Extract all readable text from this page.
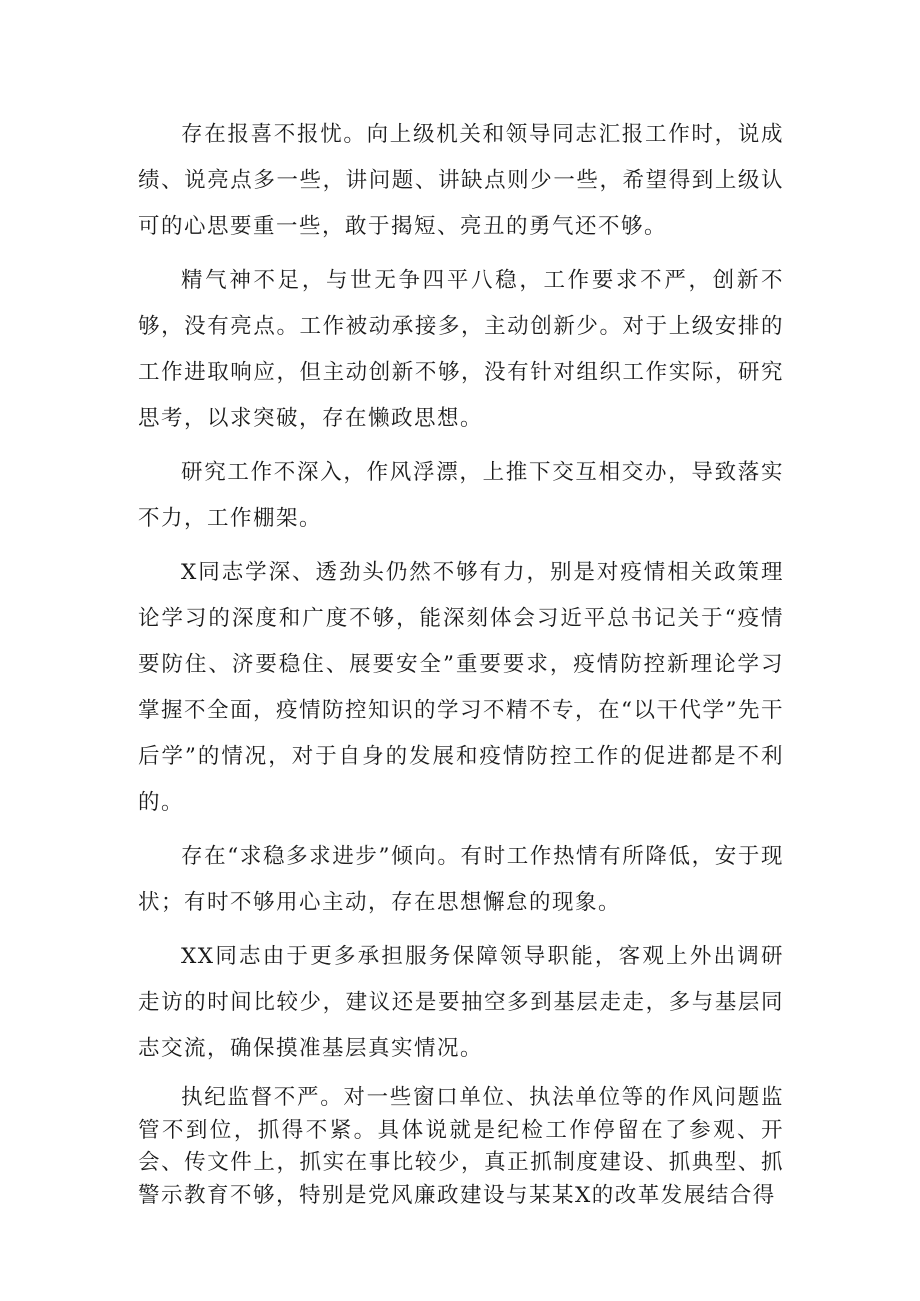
存在报喜不报忧。向上级机关和领导同志汇报工作时，说成绩、说亮点多一些，讲问题、讲缺点则少一些，希望得到上级认可的心思要重一些，敢于揭短、亮丑的勇气还不够。

精气神不足，与世无争四平八稳，工作要求不严，创新不够，没有亮点。工作被动承接多，主动创新少。对于上级安排的工作进取响应，但主动创新不够，没有针对组织工作实际，研究思考，以求突破，存在懒政思想。

研究工作不深入，作风浮漂，上推下交互相交办，导致落实不力，工作棚架。

X同志学深、透劲头仍然不够有力，别是对疫情相关政策理论学习的深度和广度不够，能深刻体会习近平总书记关于“疫情要防住、济要稳住、展要安全”重要要求，疫情防控新理论学习掌握不全面，疫情防控知识的学习不精不专，在“以干代学”先干后学”的情况，对于自身的发展和疫情防控工作的促进都是不利的。

存在“求稳多求进步”倾向。有时工作热情有所降低，安于现状；有时不够用心主动，存在思想懈怠的现象。

XX同志由于更多承担服务保障领导职能，客观上外出调研走访的时间比较少，建议还是要抽空多到基层走走，多与基层同志交流，确保摸准基层真实情况。

执纪监督不严。对一些窗口单位、执法单位等的作风问题监管不到位，抓得不紧。具体说就是纪检工作停留在了参观、开会、传文件上，抓实在事比较少，真正抓制度建设、抓典型、抓警示教育不够，特别是党风廉政建设与某某X的改革发展结合得
